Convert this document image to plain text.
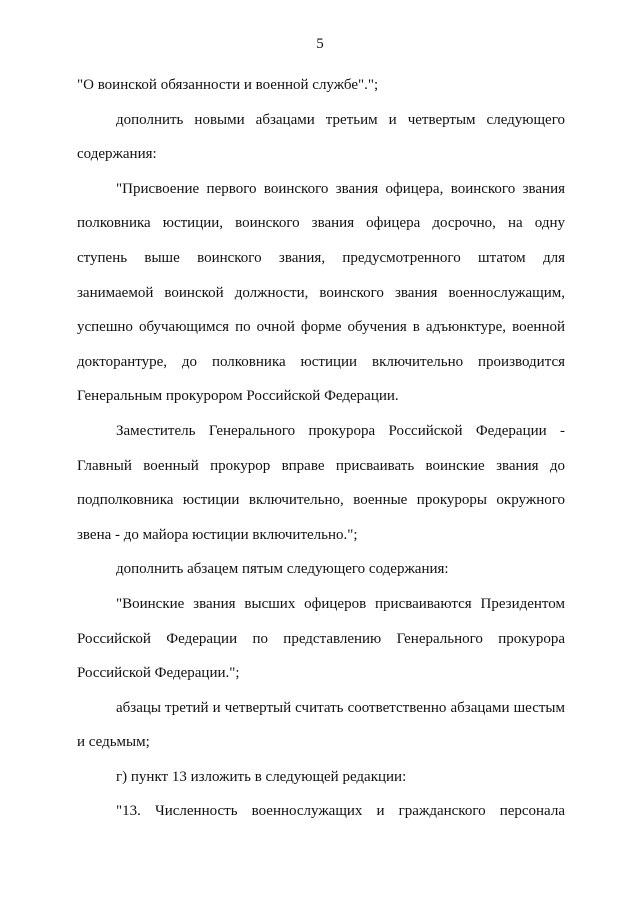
5
"О воинской обязанности и военной службе".";
дополнить новыми абзацами третьим и четвертым следующего
содержания:
"Присвоение первого воинского звания офицера, воинского звания
полковника юстиции, воинского звания офицера досрочно, на одну
ступень выше воинского звания, предусмотренного штатом для
занимаемой воинской должности, воинского звания военнослужащим,
успешно обучающимся по очной форме обучения в адъюнктуре, военной
докторантуре, до полковника юстиции включительно производится
Генеральным прокурором Российской Федерации.
Заместитель Генерального прокурора Российской Федерации -
Главный военный прокурор вправе присваивать воинские звания до
подполковника юстиции включительно, военные прокуроры окружного
звена - до майора юстиции включительно.";
дополнить абзацем пятым следующего содержания:
"Воинские звания высших офицеров присваиваются Президентом
Российской Федерации по представлению Генерального прокурора
Российской Федерации.";
абзацы третий и четвертый считать соответственно абзацами шестым
и седьмым;
г) пункт 13 изложить в следующей редакции:
"13. Численность военнослужащих и гражданского персонала
